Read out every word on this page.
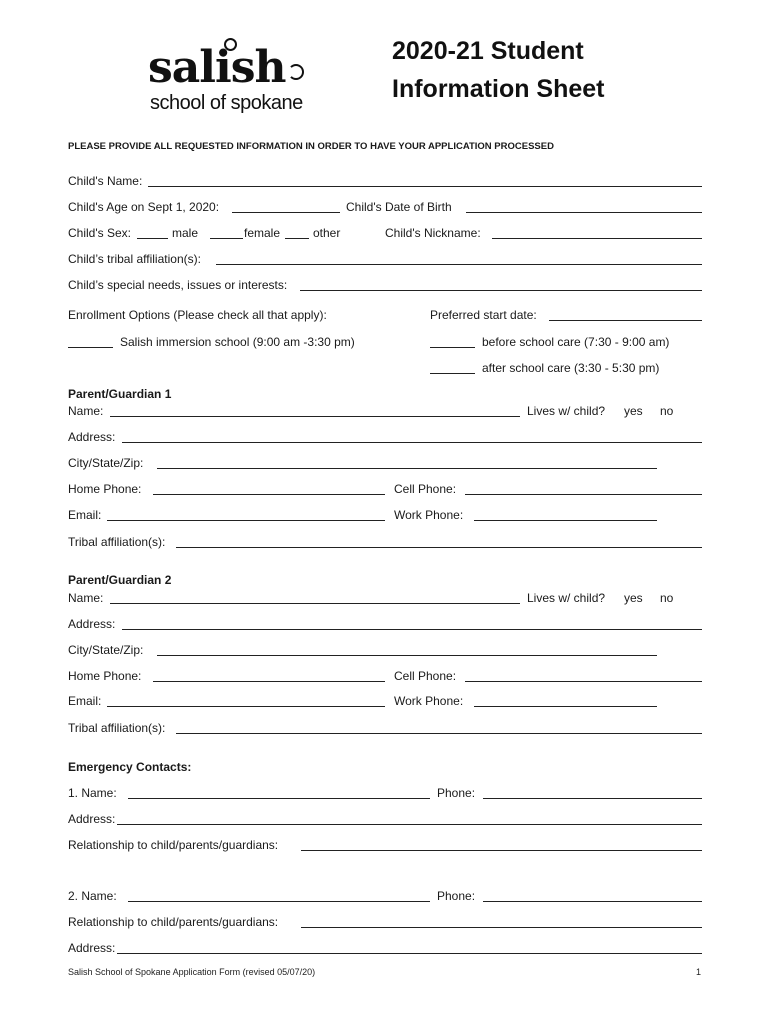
salish
school of spokane
2020-21 Student
Information Sheet
PLEASE PROVIDE ALL REQUESTED INFORMATION IN ORDER TO HAVE YOUR APPLICATION PROCESSED
Child's Name:
Child's Age on Sept 1, 2020:	Child's Date of Birth
Child's Sex:	male	female	other	Child's Nickname:
Child’s tribal affiliation(s):
Child’s special needs, issues or interests:
Enrollment Options (Please check all that apply):	Preferred start date:
Salish immersion school (9:00 am -3:30 pm)	before school care (7:30 - 9:00 am)
after school care (3:30 - 5:30 pm)
Parent/Guardian 1
Name:	Lives w/ child? yes no
Address:
City/State/Zip:
Home Phone:	Cell Phone:
Email:	Work Phone:
Tribal affiliation(s):
Parent/Guardian 2
Name:	Lives w/ child? yes no
Address:
City/State/Zip:
Home Phone:	Cell Phone:
Email:	Work Phone:
Tribal affiliation(s):
Emergency Contacts:
1. Name:	Phone:
Address:
Relationship to child/parents/guardians:
2. Name:	Phone:
Relationship to child/parents/guardians:
Address:
Salish School of Spokane Application Form (revised 05/07/20)	1
